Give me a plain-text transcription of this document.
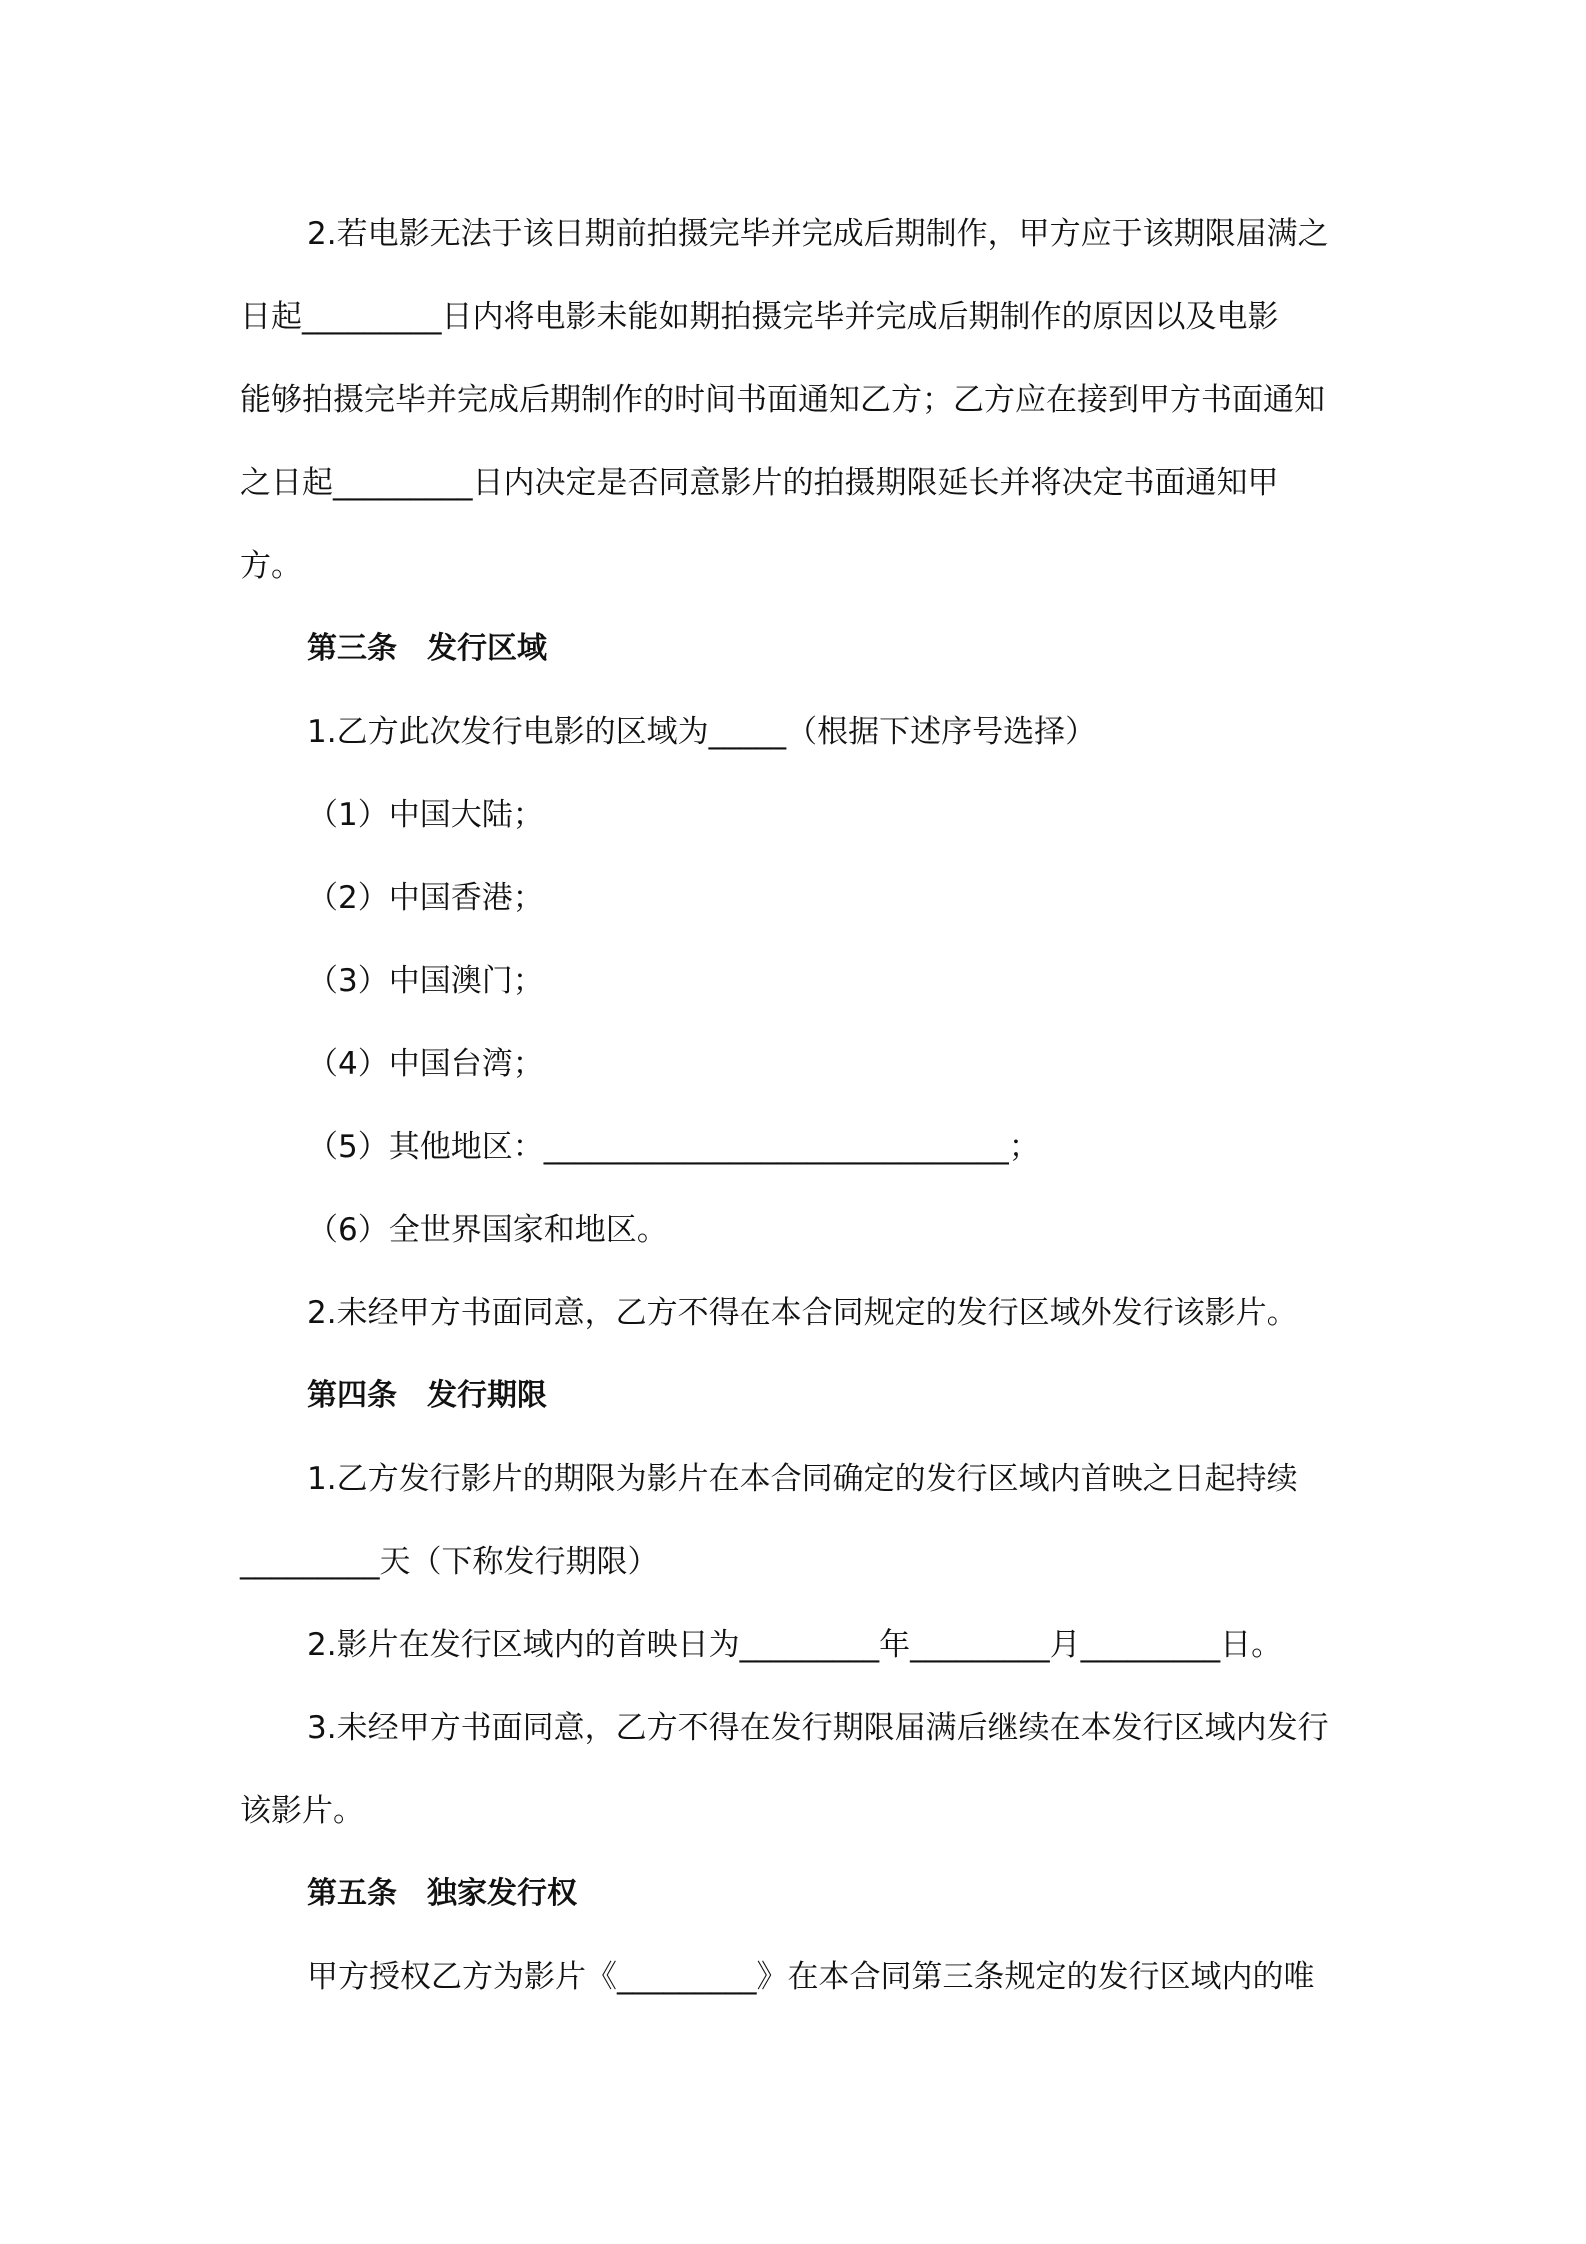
2.若电影无法于该日期前拍摄完毕并完成后期制作，甲方应于该期限届满之
日起_________日内将电影未能如期拍摄完毕并完成后期制作的原因以及电影
能够拍摄完毕并完成后期制作的时间书面通知乙方；乙方应在接到甲方书面通知
之日起_________日内决定是否同意影片的拍摄期限延长并将决定书面通知甲
方。
第三条　发行区域
1.乙方此次发行电影的区域为_____（根据下述序号选择）
（1）中国大陆；
（2）中国香港；
（3）中国澳门；
（4）中国台湾；
（5）其他地区：______________________________；
（6）全世界国家和地区。
2.未经甲方书面同意，乙方不得在本合同规定的发行区域外发行该影片。
第四条　发行期限
1.乙方发行影片的期限为影片在本合同确定的发行区域内首映之日起持续
_________天（下称发行期限）
2.影片在发行区域内的首映日为_________年_________月_________日。
3.未经甲方书面同意，乙方不得在发行期限届满后继续在本发行区域内发行
该影片。
第五条　独家发行权
甲方授权乙方为影片《_________》在本合同第三条规定的发行区域内的唯
